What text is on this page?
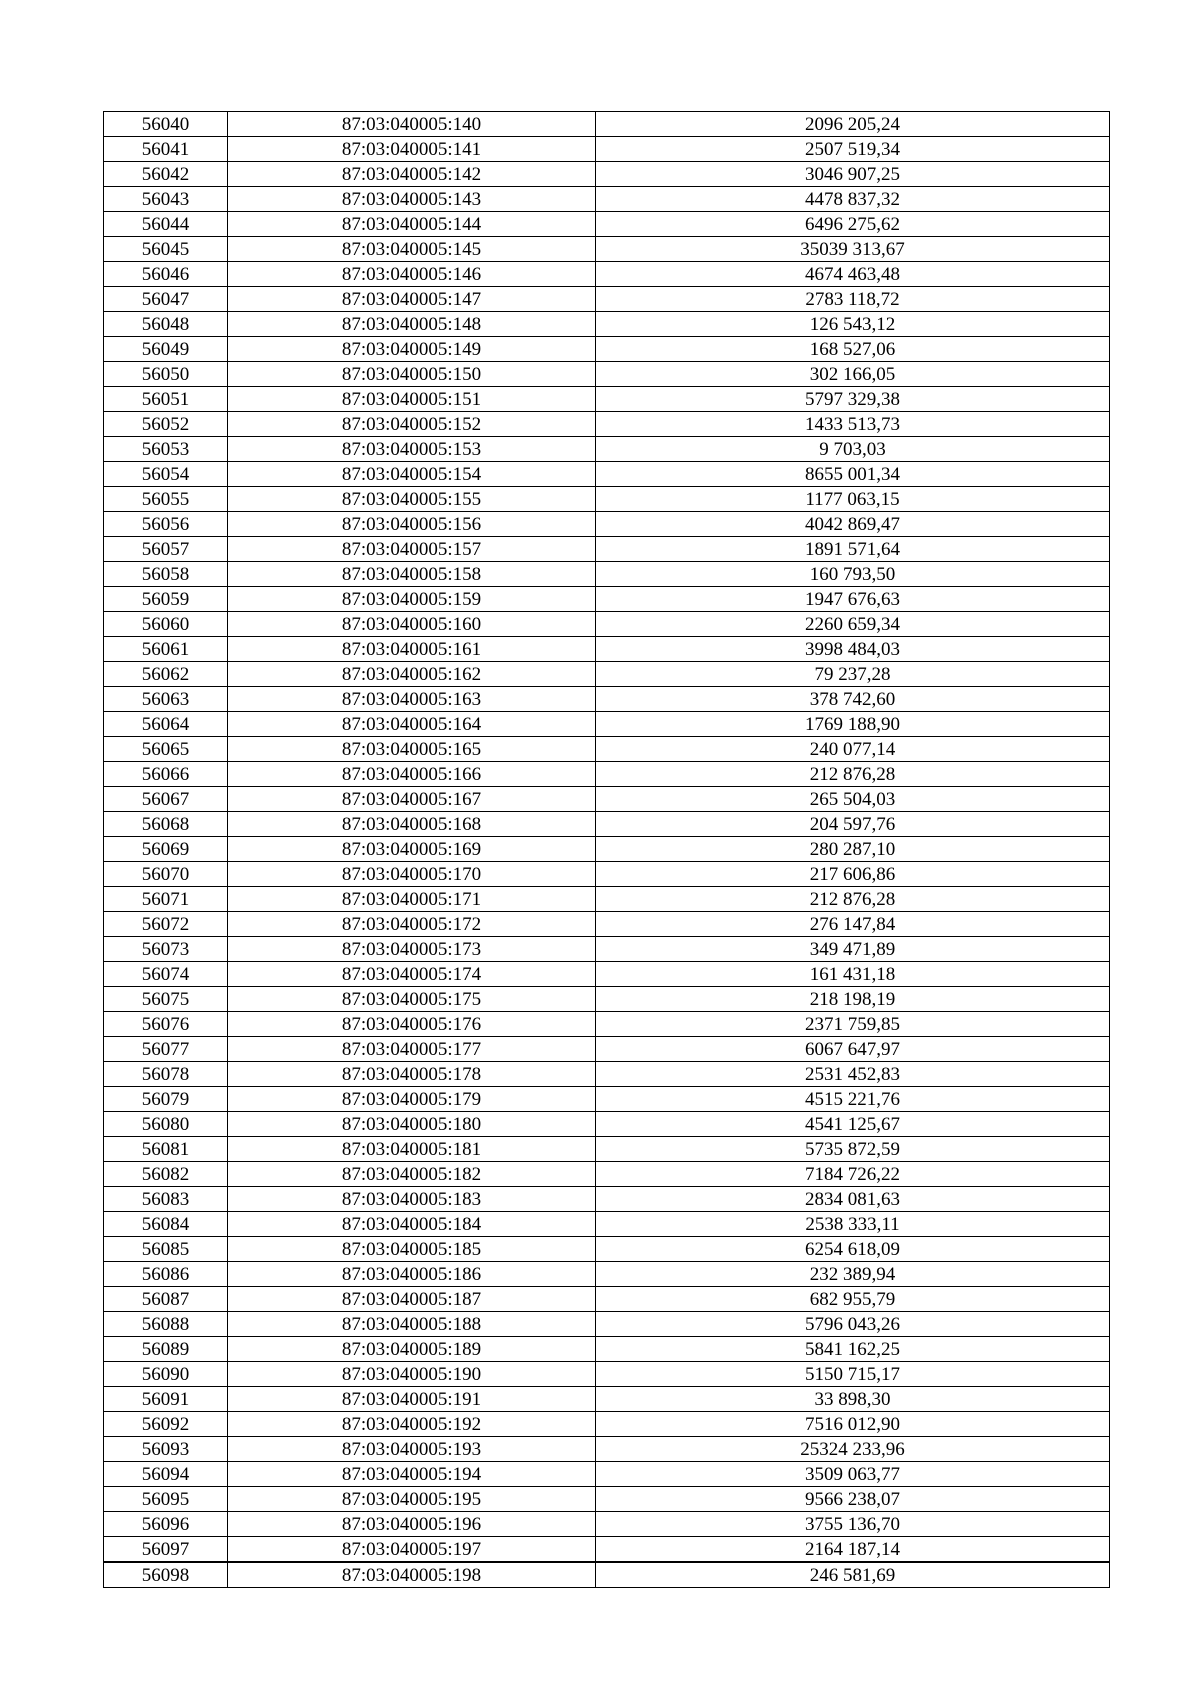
56040	87:03:040005:140	2096 205,24
56041	87:03:040005:141	2507 519,34
56042	87:03:040005:142	3046 907,25
56043	87:03:040005:143	4478 837,32
56044	87:03:040005:144	6496 275,62
56045	87:03:040005:145	35039 313,67
56046	87:03:040005:146	4674 463,48
56047	87:03:040005:147	2783 118,72
56048	87:03:040005:148	126 543,12
56049	87:03:040005:149	168 527,06
56050	87:03:040005:150	302 166,05
56051	87:03:040005:151	5797 329,38
56052	87:03:040005:152	1433 513,73
56053	87:03:040005:153	9 703,03
56054	87:03:040005:154	8655 001,34
56055	87:03:040005:155	1177 063,15
56056	87:03:040005:156	4042 869,47
56057	87:03:040005:157	1891 571,64
56058	87:03:040005:158	160 793,50
56059	87:03:040005:159	1947 676,63
56060	87:03:040005:160	2260 659,34
56061	87:03:040005:161	3998 484,03
56062	87:03:040005:162	79 237,28
56063	87:03:040005:163	378 742,60
56064	87:03:040005:164	1769 188,90
56065	87:03:040005:165	240 077,14
56066	87:03:040005:166	212 876,28
56067	87:03:040005:167	265 504,03
56068	87:03:040005:168	204 597,76
56069	87:03:040005:169	280 287,10
56070	87:03:040005:170	217 606,86
56071	87:03:040005:171	212 876,28
56072	87:03:040005:172	276 147,84
56073	87:03:040005:173	349 471,89
56074	87:03:040005:174	161 431,18
56075	87:03:040005:175	218 198,19
56076	87:03:040005:176	2371 759,85
56077	87:03:040005:177	6067 647,97
56078	87:03:040005:178	2531 452,83
56079	87:03:040005:179	4515 221,76
56080	87:03:040005:180	4541 125,67
56081	87:03:040005:181	5735 872,59
56082	87:03:040005:182	7184 726,22
56083	87:03:040005:183	2834 081,63
56084	87:03:040005:184	2538 333,11
56085	87:03:040005:185	6254 618,09
56086	87:03:040005:186	232 389,94
56087	87:03:040005:187	682 955,79
56088	87:03:040005:188	5796 043,26
56089	87:03:040005:189	5841 162,25
56090	87:03:040005:190	5150 715,17
56091	87:03:040005:191	33 898,30
56092	87:03:040005:192	7516 012,90
56093	87:03:040005:193	25324 233,96
56094	87:03:040005:194	3509 063,77
56095	87:03:040005:195	9566 238,07
56096	87:03:040005:196	3755 136,70
56097	87:03:040005:197	2164 187,14
56098	87:03:040005:198	246 581,69
